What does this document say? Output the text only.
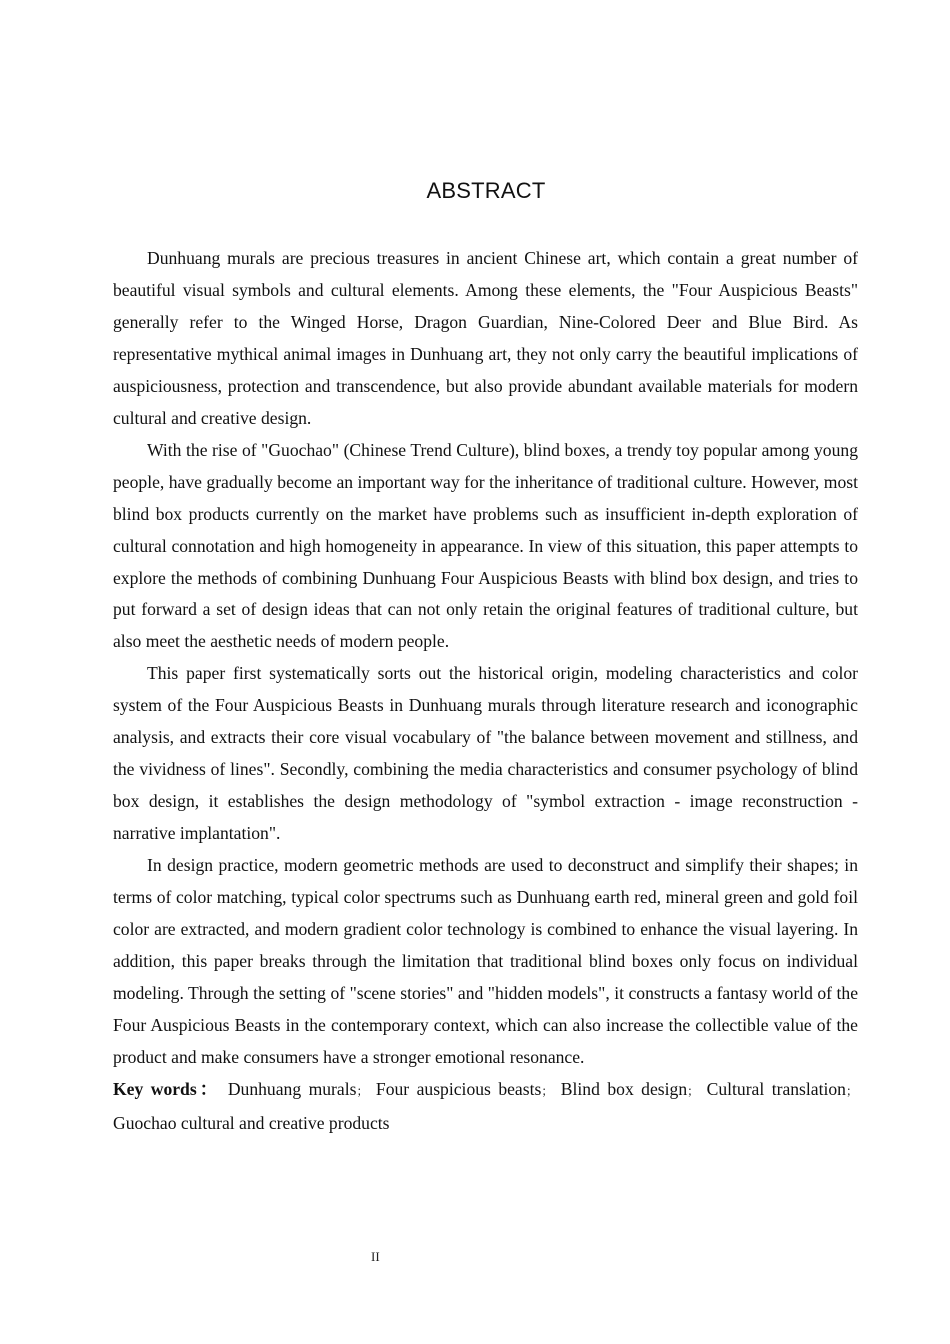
ABSTRACT

Dunhuang murals are precious treasures in ancient Chinese art, which contain a great number of beautiful visual symbols and cultural elements. Among these elements, the "Four Auspicious Beasts" generally refer to the Winged Horse, Dragon Guardian, Nine-Colored Deer and Blue Bird. As representative mythical animal images in Dunhuang art, they not only carry the beautiful implications of auspiciousness, protection and transcendence, but also provide abundant available materials for modern cultural and creative design.

With the rise of "Guochao" (Chinese Trend Culture), blind boxes, a trendy toy popular among young people, have gradually become an important way for the inheritance of traditional culture. However, most blind box products currently on the market have problems such as insufficient in-depth exploration of cultural connotation and high homogeneity in appearance. In view of this situation, this paper attempts to explore the methods of combining Dunhuang Four Auspicious Beasts with blind box design, and tries to put forward a set of design ideas that can not only retain the original features of traditional culture, but also meet the aesthetic needs of modern people.

This paper first systematically sorts out the historical origin, modeling characteristics and color system of the Four Auspicious Beasts in Dunhuang murals through literature research and iconographic analysis, and extracts their core visual vocabulary of "the balance between movement and stillness, and the vividness of lines". Secondly, combining the media characteristics and consumer psychology of blind box design, it establishes the design methodology of "symbol extraction - image reconstruction - narrative implantation".

In design practice, modern geometric methods are used to deconstruct and simplify their shapes; in terms of color matching, typical color spectrums such as Dunhuang earth red, mineral green and gold foil color are extracted, and modern gradient color technology is combined to enhance the visual layering. In addition, this paper breaks through the limitation that traditional blind boxes only focus on individual modeling. Through the setting of "scene stories" and "hidden models", it constructs a fantasy world of the Four Auspicious Beasts in the contemporary context, which can also increase the collectible value of the product and make consumers have a stronger emotional resonance.

Key words： Dunhuang murals； Four auspicious beasts； Blind box design； Cultural translation；Guochao cultural and creative products

II
